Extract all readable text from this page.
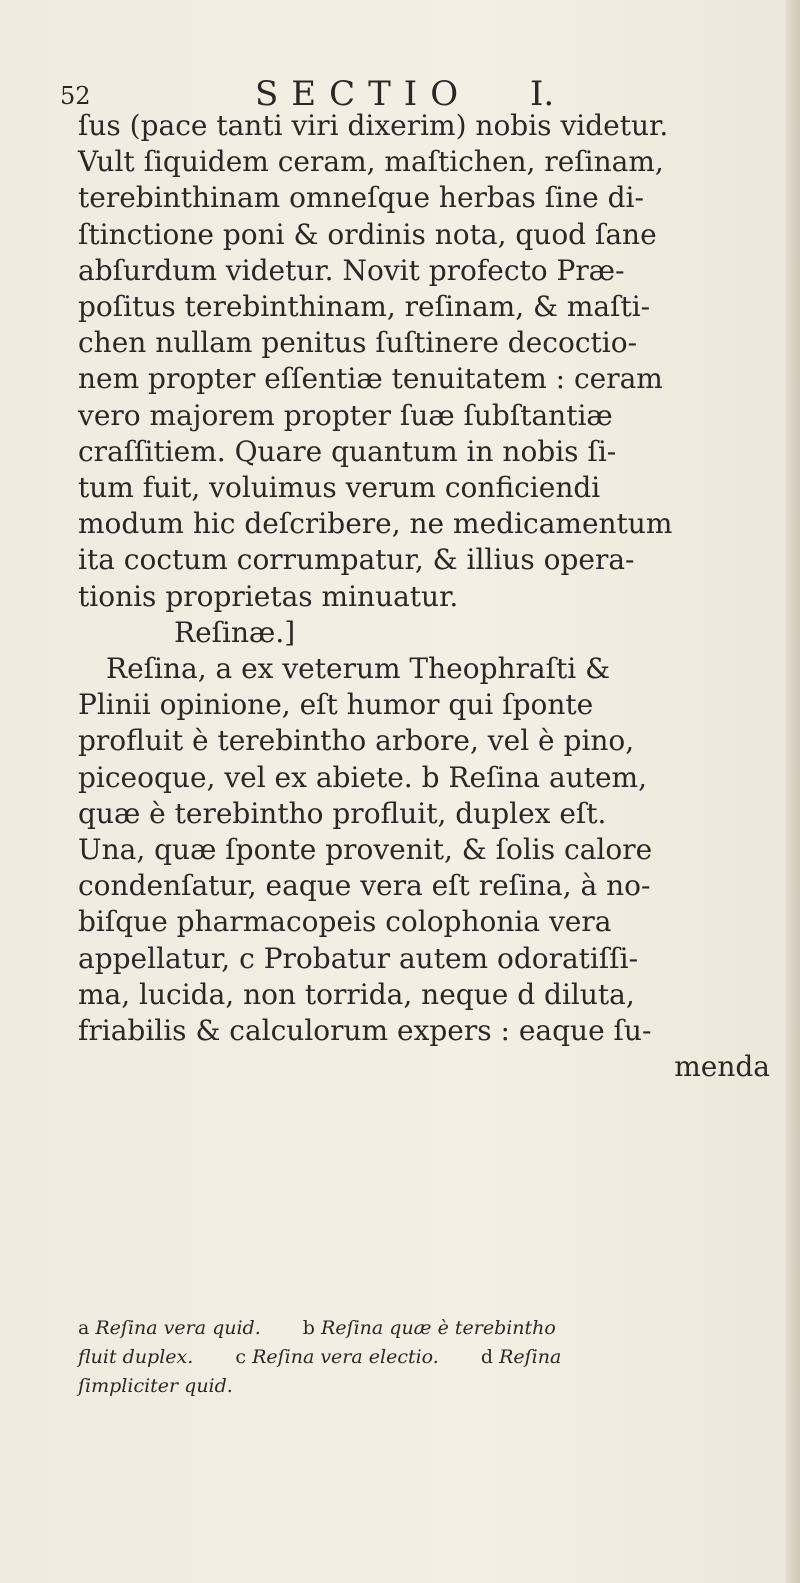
52	SECTIO I.
ſus (pace tanti viri dixerim) nobis videtur.
Vult ſiquidem ceram, maſtichen, reſinam,
terebinthinam omneſque herbas ſine di-
ſtinctione poni & ordinis nota, quod ſane
abſurdum videtur. Novit profecto Præ-
poſitus terebinthinam, reſinam, & maſti-
chen nullam penitus ſuſtinere decoctio-
nem propter eſſentiæ tenuitatem : ceram
vero majorem propter ſuæ ſubſtantiæ
craſſitiem. Quare quantum in nobis ſi-
tum fuit, voluimus verum conficiendi
modum hic deſcribere, ne medicamentum
ita coctum corrumpatur, & illius opera-
tionis proprietas minuatur.
Reſinæ.]
Reſina, a ex veterum Theophraſti &
Plinii opinione, eſt humor qui ſponte
profluit è terebintho arbore, vel è pino,
piceoque, vel ex abiete. b Reſina autem,
quæ è terebintho profluit, duplex eſt.
Una, quæ ſponte provenit, & ſolis calore
condenſatur, eaque vera eſt reſina, à no-
biſque pharmacopeis colophonia vera
appellatur, c Probatur autem odoratiſſi-
ma, lucida, non torrida, neque d diluta,
friabilis & calculorum expers : eaque ſu-
menda
a Reſina vera quid. b Reſina quæ è terebintho
fluit duplex. c Reſina vera electio. d Reſina
ſimpliciter quid.
